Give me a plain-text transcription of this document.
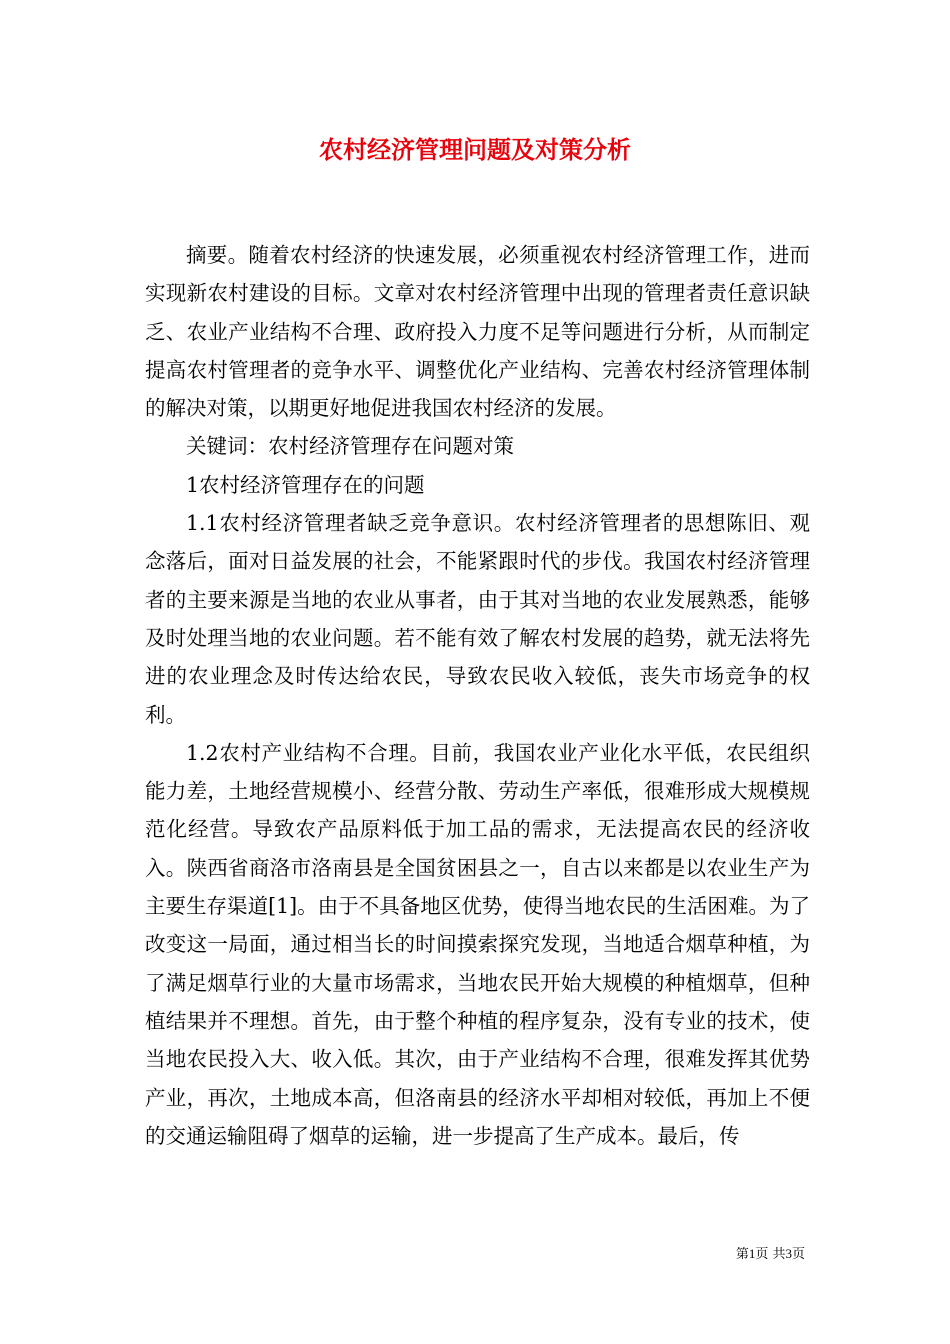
农村经济管理问题及对策分析

摘要。随着农村经济的快速发展，必须重视农村经济管理工作，进而实现新农村建设的目标。文章对农村经济管理中出现的管理者责任意识缺乏、农业产业结构不合理、政府投入力度不足等问题进行分析，从而制定提高农村管理者的竞争水平、调整优化产业结构、完善农村经济管理体制的解决对策，以期更好地促进我国农村经济的发展。

关键词：农村经济管理存在问题对策

1农村经济管理存在的问题

1.1农村经济管理者缺乏竞争意识。农村经济管理者的思想陈旧、观念落后，面对日益发展的社会，不能紧跟时代的步伐。我国农村经济管理者的主要来源是当地的农业从事者，由于其对当地的农业发展熟悉，能够及时处理当地的农业问题。若不能有效了解农村发展的趋势，就无法将先进的农业理念及时传达给农民，导致农民收入较低，丧失市场竞争的权利。

1.2农村产业结构不合理。目前，我国农业产业化水平低，农民组织能力差，土地经营规模小、经营分散、劳动生产率低，很难形成大规模规范化经营。导致农产品原料低于加工品的需求，无法提高农民的经济收入。陕西省商洛市洛南县是全国贫困县之一，自古以来都是以农业生产为主要生存渠道[1]。由于不具备地区优势，使得当地农民的生活困难。为了改变这一局面，通过相当长的时间摸索探究发现，当地适合烟草种植，为了满足烟草行业的大量市场需求，当地农民开始大规模的种植烟草，但种植结果并不理想。首先，由于整个种植的程序复杂，没有专业的技术，使当地农民投入大、收入低。其次，由于产业结构不合理，很难发挥其优势产业，再次，土地成本高，但洛南县的经济水平却相对较低，再加上不便的交通运输阻碍了烟草的运输，进一步提高了生产成本。最后，传

第1页 共3页
